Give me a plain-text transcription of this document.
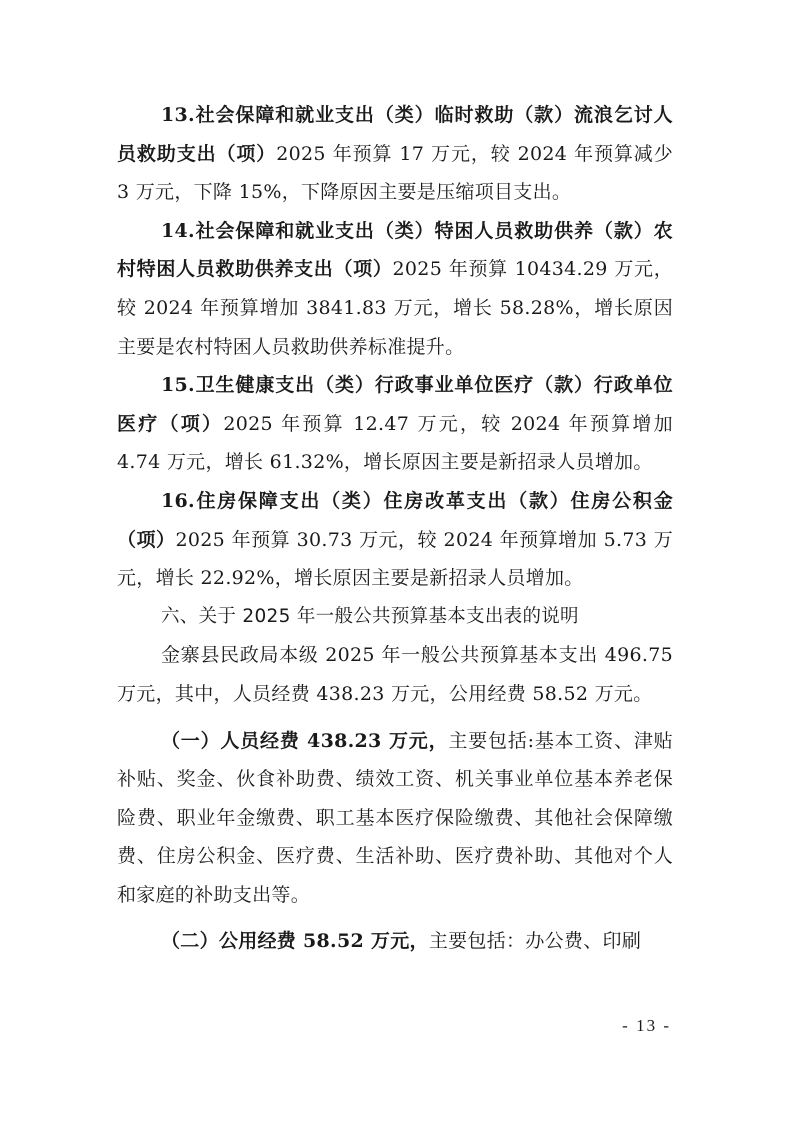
13.社会保障和就业支出（类）临时救助（款）流浪乞讨人员救助支出（项）2025 年预算 17 万元，较 2024 年预算减少 3 万元，下降 15%，下降原因主要是压缩项目支出。

14.社会保障和就业支出（类）特困人员救助供养（款）农村特困人员救助供养支出（项）2025 年预算 10434.29 万元，较 2024 年预算增加 3841.83 万元，增长 58.28%，增长原因主要是农村特困人员救助供养标准提升。

15.卫生健康支出（类）行政事业单位医疗（款）行政单位医疗（项）2025 年预算 12.47 万元，较 2024 年预算增加 4.74 万元，增长 61.32%，增长原因主要是新招录人员增加。

16.住房保障支出（类）住房改革支出（款）住房公积金（项）2025 年预算 30.73 万元，较 2024 年预算增加 5.73 万元，增长 22.92%，增长原因主要是新招录人员增加。

六、关于 2025 年一般公共预算基本支出表的说明

金寨县民政局本级 2025 年一般公共预算基本支出 496.75 万元，其中，人员经费 438.23 万元，公用经费 58.52 万元。

（一）人员经费 438.23 万元，主要包括:基本工资、津贴补贴、奖金、伙食补助费、绩效工资、机关事业单位基本养老保险费、职业年金缴费、职工基本医疗保险缴费、其他社会保障缴费、住房公积金、医疗费、生活补助、医疗费补助、其他对个人和家庭的补助支出等。

（二）公用经费 58.52 万元，主要包括：办公费、印刷

- 13 -
